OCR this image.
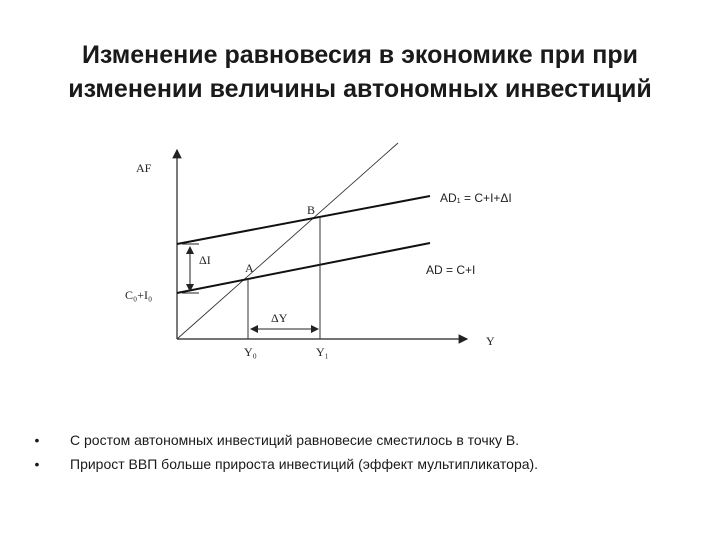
Изменение равновесия в экономике при при
изменении величины автономных инвестиций
AF
Y
AD₁ = C+I+ΔI
AD = C+I
B
A
ΔI
C₀+I₀
ΔY
Y₀	Y₁
•	С ростом автономных инвестиций равновесие сместилось в точку В.
•	Прирост ВВП больше прироста инвестиций (эффект мультипликатора).
